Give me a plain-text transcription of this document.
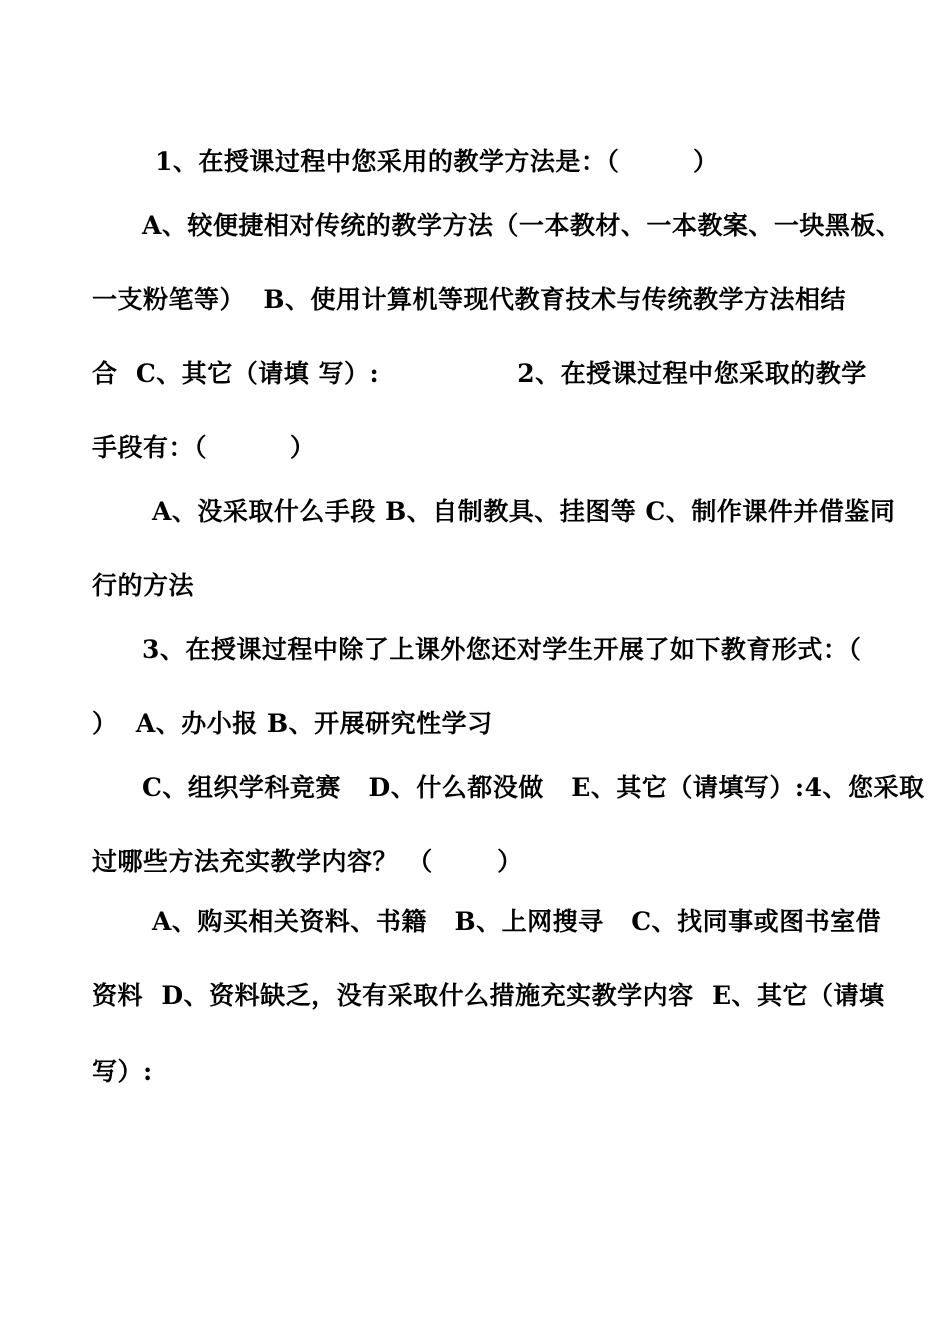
1、在授课过程中您采用的教学方法是：（        ）
A、较便捷相对传统的教学方法（一本教材、一本教案、一块黑板、
一支粉笔等）  B、使用计算机等现代教育技术与传统教学方法相结
合  C、其它（请填 写）:               2、在授课过程中您采取的教学
手段有：（         ）
A、没采取什么手段 B、自制教具、挂图等 C、制作课件并借鉴同
行的方法
3、在授课过程中除了上课外您还对学生开展了如下教育形式：（
）  A、办小报 B、开展研究性学习
C、组织学科竞赛   D、什么都没做   E、其它（请填写）:4、您采取
过哪些方法充实教学内容？ （       ）
A、购买相关资料、书籍   B、上网搜寻   C、找同事或图书室借
资料  D、资料缺乏，没有采取什么措施充实教学内容  E、其它（请填
写）:
